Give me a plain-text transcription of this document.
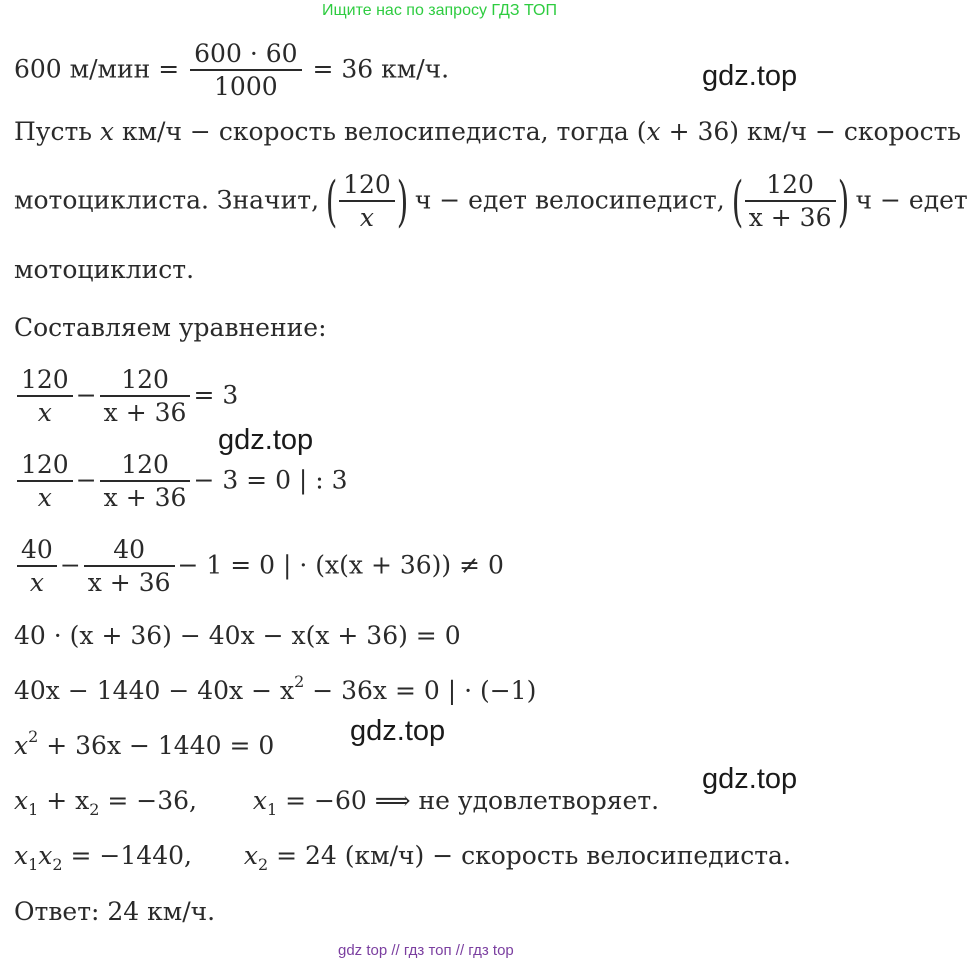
Ищите нас по запросу ГДЗ ТОП
600 $м/мин = \frac{600 \cdot 60}{1000} = 36$ км/ч.
Пусть x км/ч − скорость велосипедиста, тогда (x + 36) км/ч − скорость
мотоциклиста. Значит, ( $\frac{120}{x}$ ) ч − едет велосипедист, ( $\frac{120}{x + 36}$ ) ч − едет
мотоциклист.
Составляем уравнение:
$\frac{120}{x} - \frac{120}{x + 36} = 3$
$\frac{120}{x} - \frac{120}{x + 36} - 3 = 0$ | : 3
$\frac{40}{x} - \frac{40}{x + 36} - 1 = 0$ | · (x(x + 36)) ≠ 0
40 · (x + 36) − 40x − x(x + 36) = 0
$40x - 1440 - 40x - x^2 - 36x = 0$ | · (−1)
$x^2 + 36x - 1440 = 0$
$x_1 + x_2 = -36$, $x_1 = -60$ ⟹ не удовлетворяет.
$x_1x_2 = -1440$, $x_2 = 24$ (км/ч) − скорость велосипедиста.
Ответ: 24 км/ч.
gdz.top
gdz.top
gdz.top
gdz.top
gdz top // гдз топ // гдз top
